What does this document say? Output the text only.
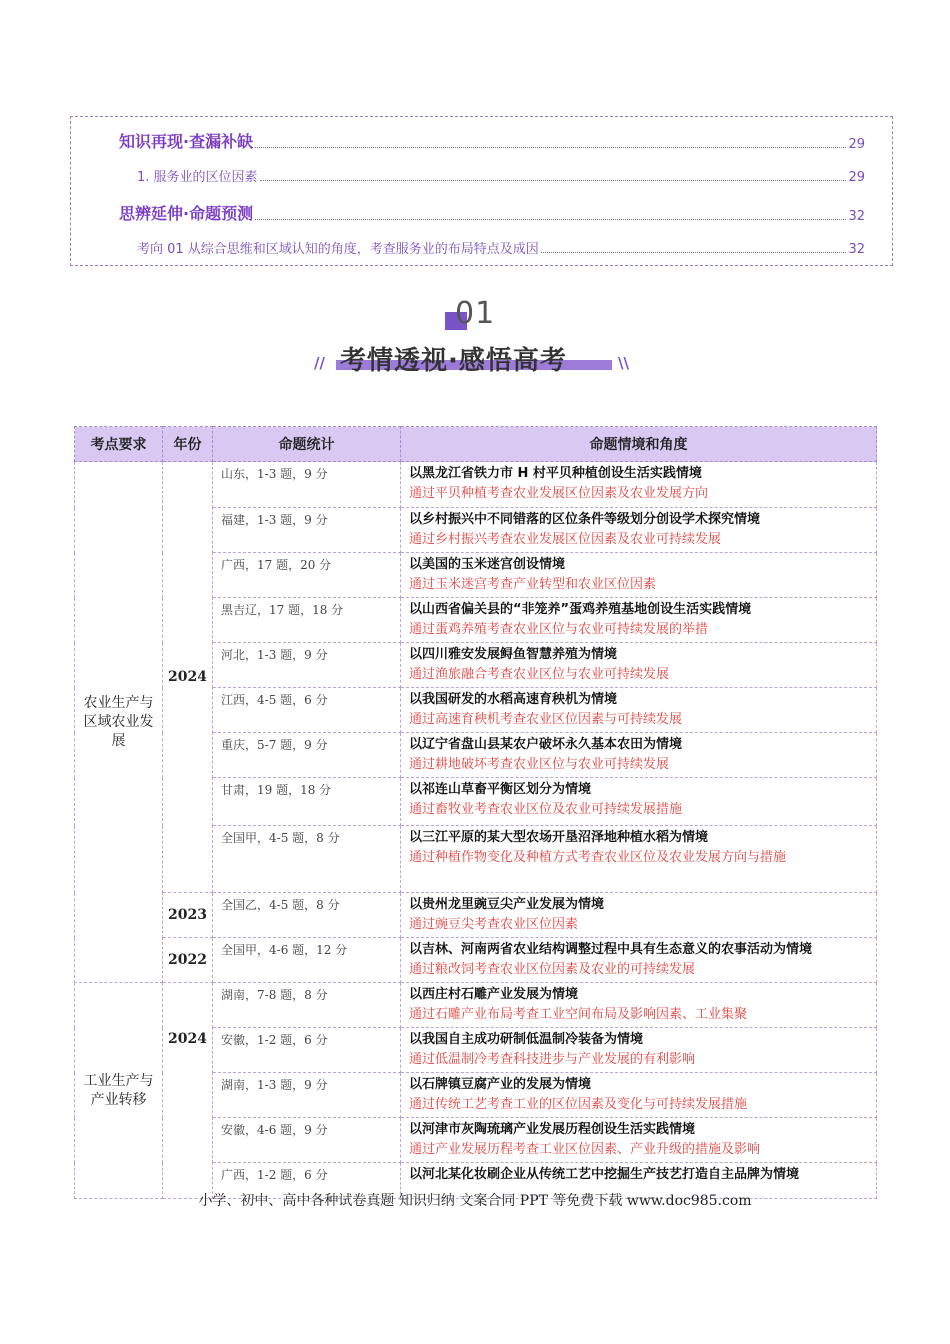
知识再现·查漏补缺	29
1. 服务业的区位因素	29
思辨延伸·命题预测	32
考向 01 从综合思维和区域认知的角度，考查服务业的布局特点及成因	32
01
// 考情透视·感悟高考	\\
考点要求	年份	命题统计	命题情境和角度
农业生产与区域农业发展	2024	山东，1-3 题，9 分	以黑龙江省铁力市 H 村平贝种植创设生活实践情境
通过平贝种植考查农业发展区位因素及农业发展方向

		福建，1-3 题，9 分	以乡村振兴中不同错落的区位条件等级划分创设学术探究情境
通过乡村振兴考查农业发展区位因素及农业可持续发展

		广西，17 题，20 分	以美国的玉米迷宫创设情境
通过玉米迷宫考查产业转型和农业区位因素

		黑吉辽，17 题，18 分	以山西省偏关县的“非笼养”蛋鸡养殖基地创设生活实践情境
通过蛋鸡养殖考查农业区位与农业可持续发展的举措

		河北，1-3 题，9 分	以四川雅安发展鲟鱼智慧养殖为情境
通过渔旅融合考查农业区位与农业可持续发展

		江西，4-5 题，6 分	以我国研发的水稻高速育秧机为情境
通过高速育秧机考查农业区位因素与可持续发展

		重庆，5-7 题，9 分	以辽宁省盘山县某农户破坏永久基本农田为情境
通过耕地破坏考查农业区位与农业可持续发展

		甘肃，19 题，18 分	以祁连山草畜平衡区划分为情境
通过畜牧业考查农业区位及农业可持续发展措施

		全国甲，4-5 题，8 分	以三江平原的某大型农场开垦沼泽地种植水稻为情境
通过种植作物变化及种植方式考查农业区位及农业发展方向与措施

	2023	全国乙，4-5 题，8 分	以贵州龙里豌豆尖产业发展为情境
通过豌豆尖考查农业区位因素

	2022	全国甲，4-6 题，12 分	以吉林、河南两省农业结构调整过程中具有生态意义的农事活动为情境
通过粮改饲考查农业区位因素及农业的可持续发展

工业生产与产业转移	2024	湖南，7-8 题，8 分	以西庄村石雕产业发展为情境
通过石雕产业布局考查工业空间布局及影响因素、工业集聚

		安徽，1-2 题，6 分	以我国自主成功研制低温制冷装备为情境
通过低温制冷考查科技进步与产业发展的有利影响

		湖南，1-3 题，9 分	以石牌镇豆腐产业的发展为情境
通过传统工艺考查工业的区位因素及变化与可持续发展措施

		安徽，4-6 题，9 分	以河津市灰陶琉璃产业发展历程创设生活实践情境
通过产业发展历程考查工业区位因素、产业升级的措施及影响

		广西，1-2 题，6 分	以河北某化妆刷企业从传统工艺中挖掘生产技艺打造自主品牌为情境
小学、初中、高中各种试卷真题 知识归纳 文案合同 PPT 等免费下载 www.doc985.com
